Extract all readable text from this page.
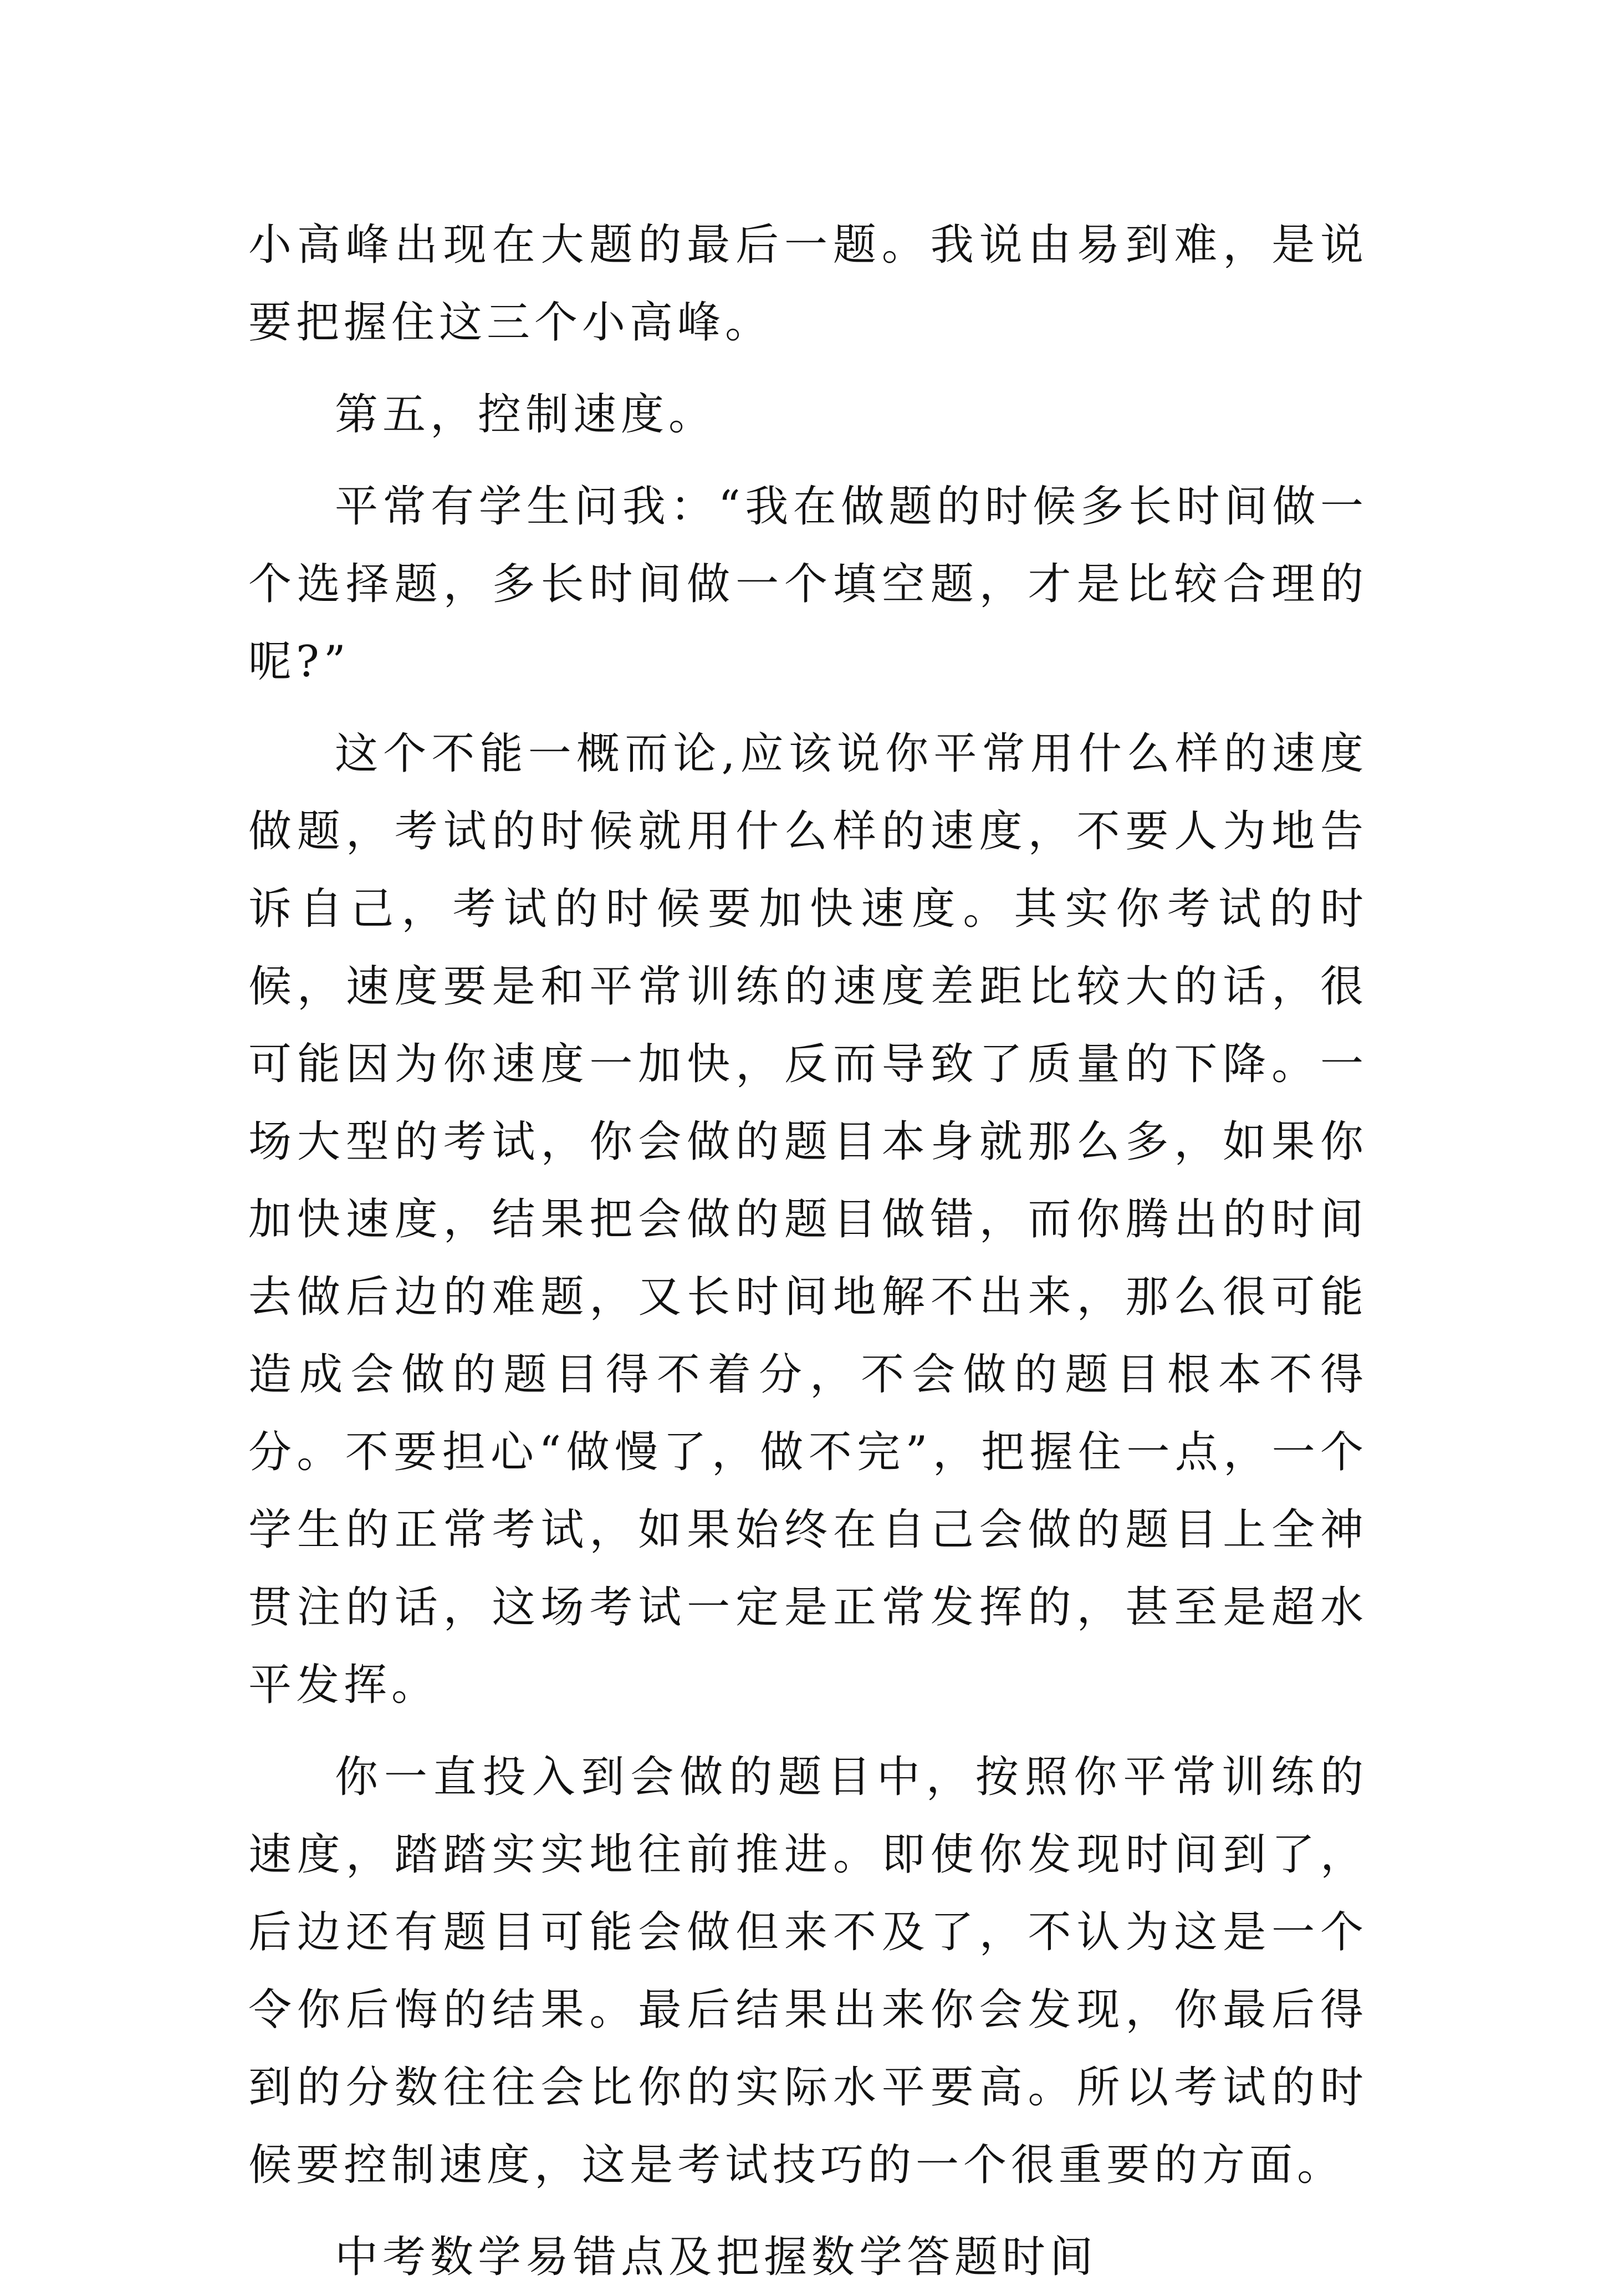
小高峰出现在大题的最后一题。我说由易到难，是说要把握住这三个小高峰。

第五，控制速度。

平常有学生问我：“我在做题的时候多长时间做一个选择题，多长时间做一个填空题，才是比较合理的呢?”

这个不能一概而论,应该说你平常用什么样的速度做题，考试的时候就用什么样的速度，不要人为地告诉自己，考试的时候要加快速度。其实你考试的时候，速度要是和平常训练的速度差距比较大的话，很可能因为你速度一加快，反而导致了质量的下降。一场大型的考试，你会做的题目本身就那么多，如果你加快速度，结果把会做的题目做错，而你腾出的时间去做后边的难题，又长时间地解不出来，那么很可能造成会做的题目得不着分，不会做的题目根本不得分。不要担心“做慢了，做不完”，把握住一点，一个学生的正常考试，如果始终在自己会做的题目上全神贯注的话，这场考试一定是正常发挥的，甚至是超水平发挥。

你一直投入到会做的题目中，按照你平常训练的速度，踏踏实实地往前推进。即使你发现时间到了，后边还有题目可能会做但来不及了，不认为这是一个令你后悔的结果。最后结果出来你会发现，你最后得到的分数往往会比你的实际水平要高。所以考试的时候要控制速度，这是考试技巧的一个很重要的方面。

中考数学易错点及把握数学答题时间
